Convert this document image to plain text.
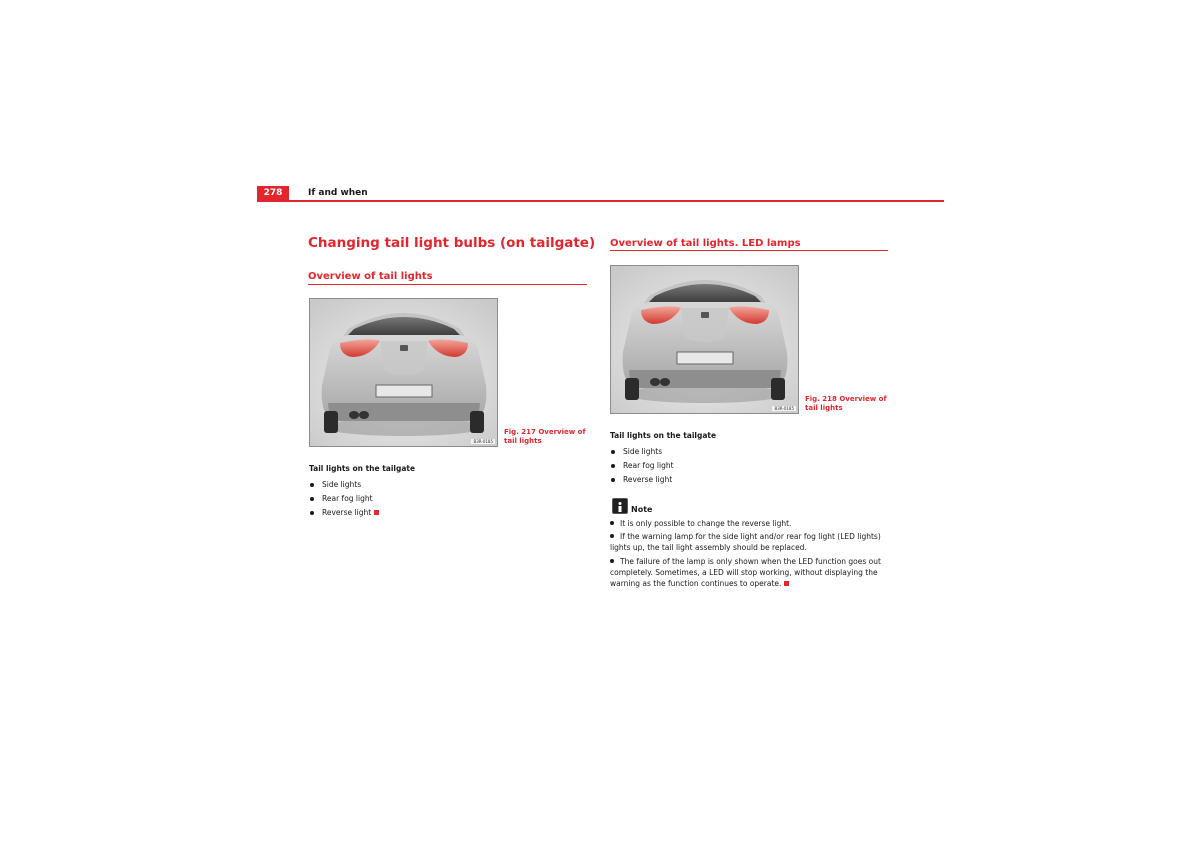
278	If and when
Changing tail light bulbs (on tailgate)
Overview of tail lights
B3R-0185
Fig. 217 Overview of tail lights
Tail lights on the tailgate
Side lights
Rear fog light
Reverse light
Overview of tail lights. LED lamps
B3R-0185
Fig. 218 Overview of tail lights
Tail lights on the tailgate
Side lights
Rear fog light
Reverse light
Note
It is only possible to change the reverse light.
If the warning lamp for the side light and/or rear fog light (LED lights) lights up, the tail light assembly should be replaced.
The failure of the lamp is only shown when the LED function goes out completely. Sometimes, a LED will stop working, without displaying the warning as the function continues to operate.
